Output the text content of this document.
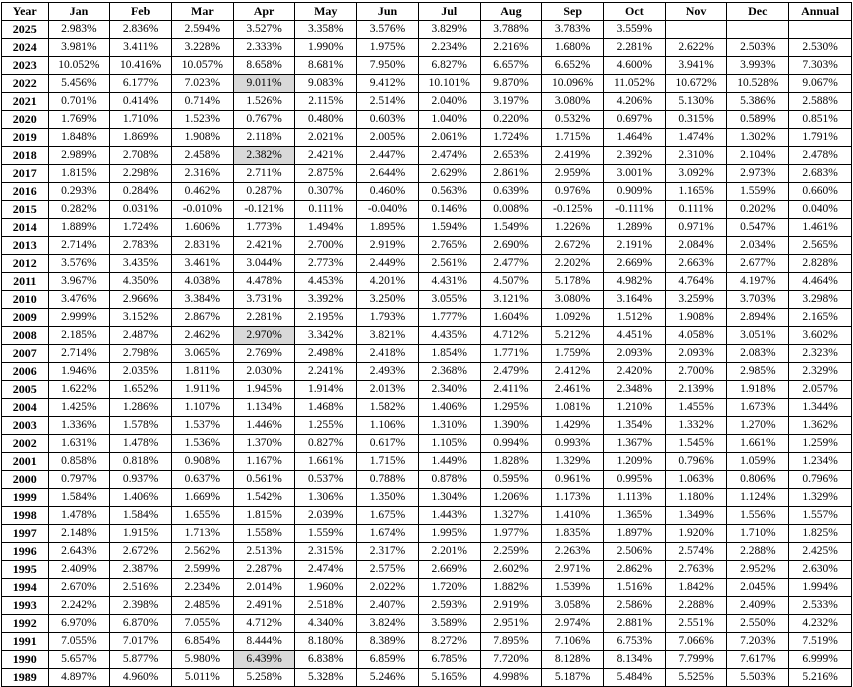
Year	Jan	Feb	Mar	Apr	May	Jun	Jul	Aug	Sep	Oct	Nov	Dec	Annual
2025	2.983%	2.836%	2.594%	3.527%	3.358%	3.576%	3.829%	3.788%	3.783%	3.559%			
2024	3.981%	3.411%	3.228%	2.333%	1.990%	1.975%	2.234%	2.216%	1.680%	2.281%	2.622%	2.503%	2.530%
2023	10.052%	10.416%	10.057%	8.658%	8.681%	7.950%	6.827%	6.657%	6.652%	4.600%	3.941%	3.993%	7.303%
2022	5.456%	6.177%	7.023%	9.011%	9.083%	9.412%	10.101%	9.870%	10.096%	11.052%	10.672%	10.528%	9.067%
2021	0.701%	0.414%	0.714%	1.526%	2.115%	2.514%	2.040%	3.197%	3.080%	4.206%	5.130%	5.386%	2.588%
2020	1.769%	1.710%	1.523%	0.767%	0.480%	0.603%	1.040%	0.220%	0.532%	0.697%	0.315%	0.589%	0.851%
2019	1.848%	1.869%	1.908%	2.118%	2.021%	2.005%	2.061%	1.724%	1.715%	1.464%	1.474%	1.302%	1.791%
2018	2.989%	2.708%	2.458%	2.382%	2.421%	2.447%	2.474%	2.653%	2.419%	2.392%	2.310%	2.104%	2.478%
2017	1.815%	2.298%	2.316%	2.711%	2.875%	2.644%	2.629%	2.861%	2.959%	3.001%	3.092%	2.973%	2.683%
2016	0.293%	0.284%	0.462%	0.287%	0.307%	0.460%	0.563%	0.639%	0.976%	0.909%	1.165%	1.559%	0.660%
2015	0.282%	0.031%	-0.010%	-0.121%	0.111%	-0.040%	0.146%	0.008%	-0.125%	-0.111%	0.111%	0.202%	0.040%
2014	1.889%	1.724%	1.606%	1.773%	1.494%	1.895%	1.594%	1.549%	1.226%	1.289%	0.971%	0.547%	1.461%
2013	2.714%	2.783%	2.831%	2.421%	2.700%	2.919%	2.765%	2.690%	2.672%	2.191%	2.084%	2.034%	2.565%
2012	3.576%	3.435%	3.461%	3.044%	2.773%	2.449%	2.561%	2.477%	2.202%	2.669%	2.663%	2.677%	2.828%
2011	3.967%	4.350%	4.038%	4.478%	4.453%	4.201%	4.431%	4.507%	5.178%	4.982%	4.764%	4.197%	4.464%
2010	3.476%	2.966%	3.384%	3.731%	3.392%	3.250%	3.055%	3.121%	3.080%	3.164%	3.259%	3.703%	3.298%
2009	2.999%	3.152%	2.867%	2.281%	2.195%	1.793%	1.777%	1.604%	1.092%	1.512%	1.908%	2.894%	2.165%
2008	2.185%	2.487%	2.462%	2.970%	3.342%	3.821%	4.435%	4.712%	5.212%	4.451%	4.058%	3.051%	3.602%
2007	2.714%	2.798%	3.065%	2.769%	2.498%	2.418%	1.854%	1.771%	1.759%	2.093%	2.093%	2.083%	2.323%
2006	1.946%	2.035%	1.811%	2.030%	2.241%	2.493%	2.368%	2.479%	2.412%	2.420%	2.700%	2.985%	2.329%
2005	1.622%	1.652%	1.911%	1.945%	1.914%	2.013%	2.340%	2.411%	2.461%	2.348%	2.139%	1.918%	2.057%
2004	1.425%	1.286%	1.107%	1.134%	1.468%	1.582%	1.406%	1.295%	1.081%	1.210%	1.455%	1.673%	1.344%
2003	1.336%	1.578%	1.537%	1.446%	1.255%	1.106%	1.310%	1.390%	1.429%	1.354%	1.332%	1.270%	1.362%
2002	1.631%	1.478%	1.536%	1.370%	0.827%	0.617%	1.105%	0.994%	0.993%	1.367%	1.545%	1.661%	1.259%
2001	0.858%	0.818%	0.908%	1.167%	1.661%	1.715%	1.449%	1.828%	1.329%	1.209%	0.796%	1.059%	1.234%
2000	0.797%	0.937%	0.637%	0.561%	0.537%	0.788%	0.878%	0.595%	0.961%	0.995%	1.063%	0.806%	0.796%
1999	1.584%	1.406%	1.669%	1.542%	1.306%	1.350%	1.304%	1.206%	1.173%	1.113%	1.180%	1.124%	1.329%
1998	1.478%	1.584%	1.655%	1.815%	2.039%	1.675%	1.443%	1.327%	1.410%	1.365%	1.349%	1.556%	1.557%
1997	2.148%	1.915%	1.713%	1.558%	1.559%	1.674%	1.995%	1.977%	1.835%	1.897%	1.920%	1.710%	1.825%
1996	2.643%	2.672%	2.562%	2.513%	2.315%	2.317%	2.201%	2.259%	2.263%	2.506%	2.574%	2.288%	2.425%
1995	2.409%	2.387%	2.599%	2.287%	2.474%	2.575%	2.669%	2.602%	2.971%	2.862%	2.763%	2.952%	2.630%
1994	2.670%	2.516%	2.234%	2.014%	1.960%	2.022%	1.720%	1.882%	1.539%	1.516%	1.842%	2.045%	1.994%
1993	2.242%	2.398%	2.485%	2.491%	2.518%	2.407%	2.593%	2.919%	3.058%	2.586%	2.288%	2.409%	2.533%
1992	6.970%	6.870%	7.055%	4.712%	4.340%	3.824%	3.589%	2.951%	2.974%	2.881%	2.551%	2.550%	4.232%
1991	7.055%	7.017%	6.854%	8.444%	8.180%	8.389%	8.272%	7.895%	7.106%	6.753%	7.066%	7.203%	7.519%
1990	5.657%	5.877%	5.980%	6.439%	6.838%	6.859%	6.785%	7.720%	8.128%	8.134%	7.799%	7.617%	6.999%
1989	4.897%	4.960%	5.011%	5.258%	5.328%	5.246%	5.165%	4.998%	5.187%	5.484%	5.525%	5.503%	5.216%
